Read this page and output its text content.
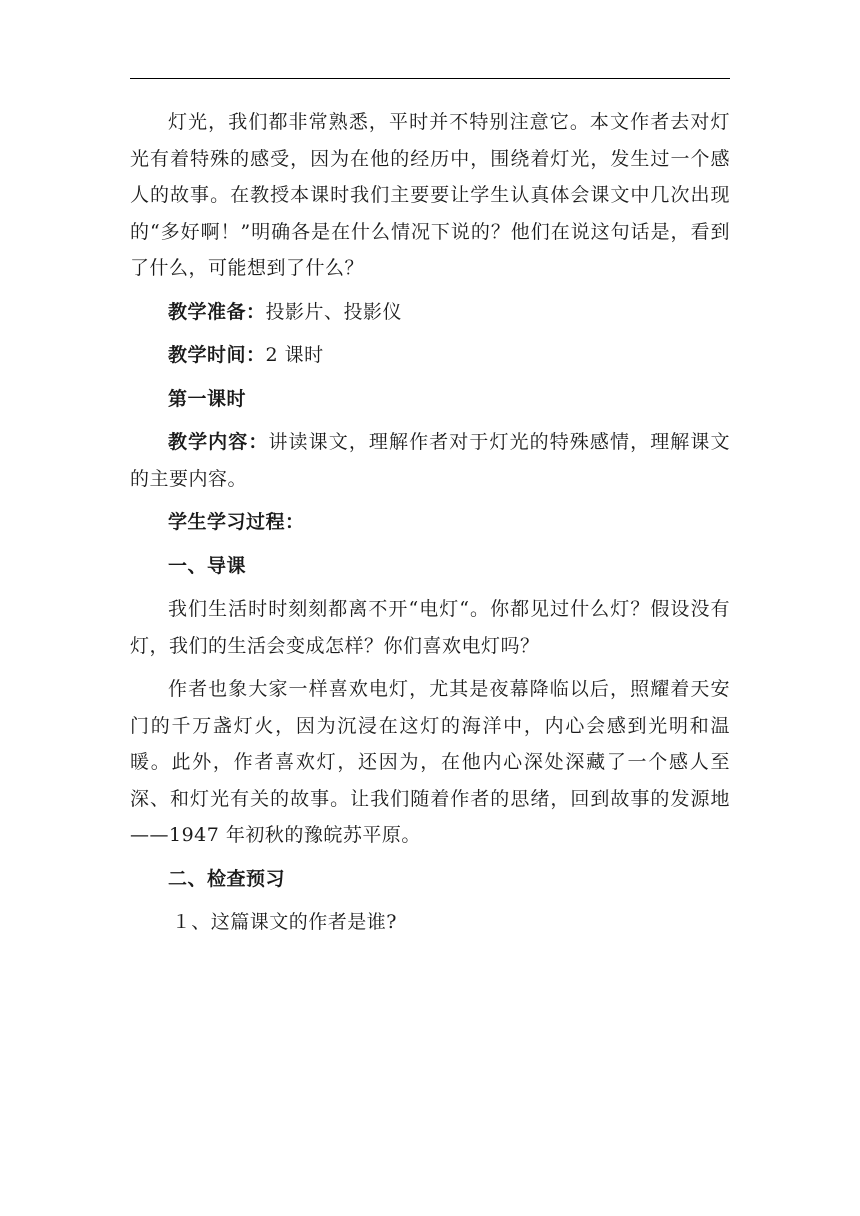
灯光，我们都非常熟悉，平时并不特别注意它。本文作者去对灯光有着特殊的感受，因为在他的经历中，围绕着灯光，发生过一个感人的故事。在教授本课时我们主要要让学生认真体会课文中几次出现的“多好啊！”明确各是在什么情况下说的？他们在说这句话是，看到了什么，可能想到了什么？

教学准备：投影片、投影仪

教学时间：2 课时

第一课时

教学内容：讲读课文，理解作者对于灯光的特殊感情，理解课文的主要内容。

学生学习过程：

一、导课

我们生活时时刻刻都离不开“电灯“。你都见过什么灯？假设没有灯，我们的生活会变成怎样？你们喜欢电灯吗？

作者也象大家一样喜欢电灯，尤其是夜幕降临以后，照耀着天安门的千万盏灯火，因为沉浸在这灯的海洋中，内心会感到光明和温暖。此外，作者喜欢灯，还因为，在他内心深处深藏了一个感人至深、和灯光有关的故事。让我们随着作者的思绪，回到故事的发源地——1947 年初秋的豫皖苏平原。

二、检查预习

１、这篇课文的作者是谁?
